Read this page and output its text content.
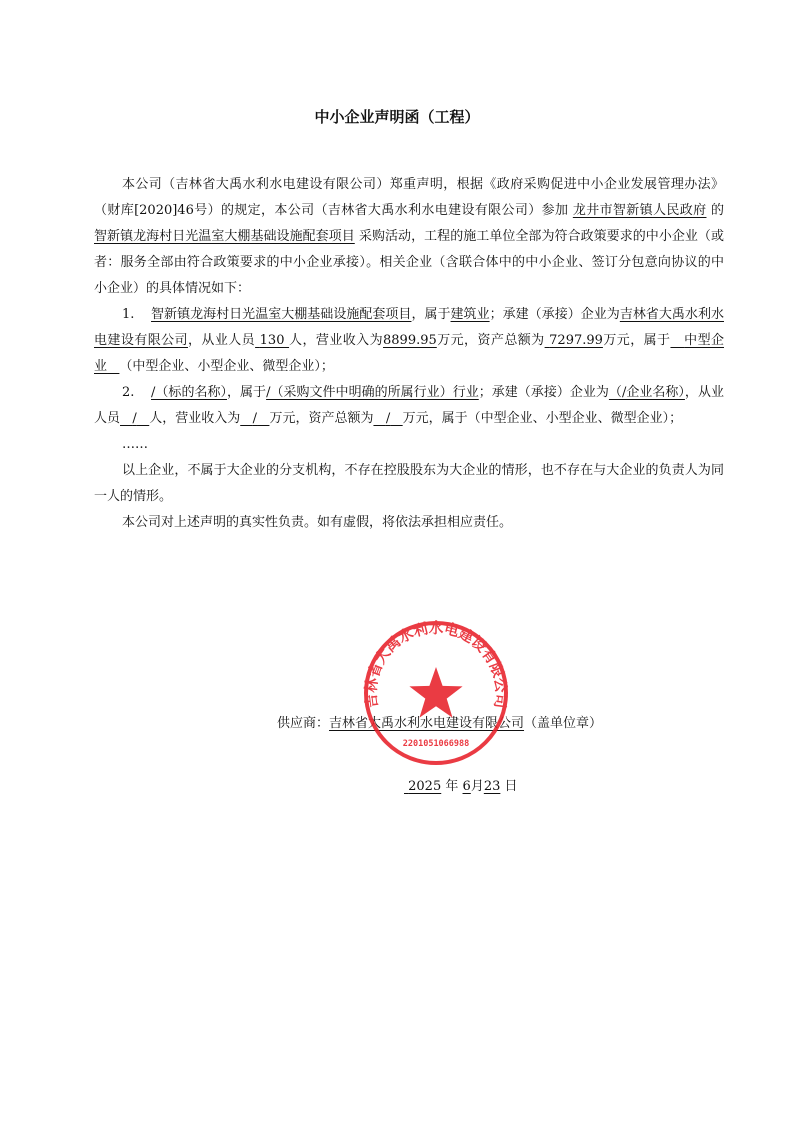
中小企业声明函（工程）

本公司（吉林省大禹水利水电建设有限公司）郑重声明，根据《政府采购促进中小企业发展管理办法》（财库[2020]46号）的规定，本公司（吉林省大禹水利水电建设有限公司）参加 龙井市智新镇人民政府 的 智新镇龙海村日光温室大棚基础设施配套项目 采购活动，工程的施工单位全部为符合政策要求的中小企业（或者：服务全部由符合政策要求的中小企业承接）。相关企业（含联合体中的中小企业、签订分包意向协议的中小企业）的具体情况如下：

1. 智新镇龙海村日光温室大棚基础设施配套项目，属于建筑业；承建（承接）企业为吉林省大禹水利水电建设有限公司，从业人员 130 人，营业收入为8899.95万元，资产总额为 7297.99万元，属于 中型企业 （中型企业、小型企业、微型企业）；

2. /（标的名称），属于/（采购文件中明确的所属行业）行业；承建（承接）企业为（/企业名称），从业人员 / 人，营业收入为 / 万元，资产总额为 / 万元，属于（中型企业、小型企业、微型企业）；

……

以上企业，不属于大企业的分支机构，不存在控股股东为大企业的情形，也不存在与大企业的负责人为同一人的情形。

本公司对上述声明的真实性负责。如有虚假，将依法承担相应责任。

供应商：吉林省大禹水利水电建设有限公司（盖单位章）
2025 年 6月23 日
吉林省大禹水利水电建设有限公司
2201051066988
